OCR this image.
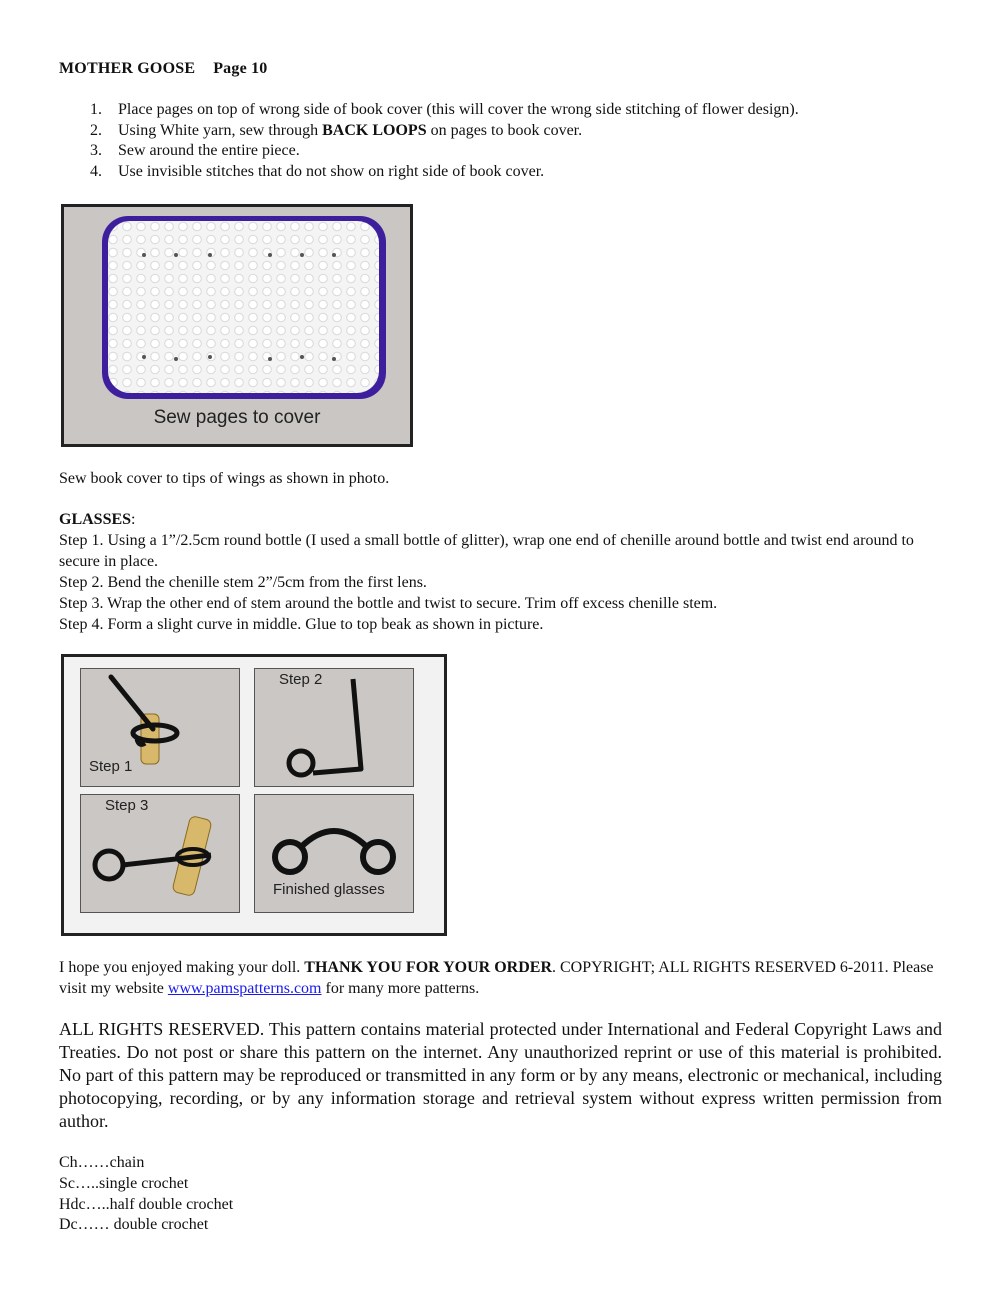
MOTHER GOOSE Page 10
1.	Place pages on top of wrong side of book cover (this will cover the wrong side stitching of flower design).
2.	Using White yarn, sew through BACK LOOPS on pages to book cover.
3.	Sew around the entire piece.
4.	Use invisible stitches that do not show on right side of book cover.
Sew pages to cover

Sew book cover to tips of wings as shown in photo.

GLASSES:

Step 1. Using a 1”/2.5cm round bottle (I used a small bottle of glitter), wrap one end of chenille around bottle and twist end around to secure in place.
Step 2. Bend the chenille stem 2”/5cm from the first lens.
Step 3. Wrap the other end of stem around the bottle and twist to secure. Trim off excess chenille stem.
Step 4. Form a slight curve in middle. Glue to top beak as shown in picture.
Step 1
Step 2
Step 3
Finished glasses

I hope you enjoyed making your doll. THANK YOU FOR YOUR ORDER. COPYRIGHT; ALL RIGHTS RESERVED 6-2011. Please visit my website www.pamspatterns.com for many more patterns.

ALL RIGHTS RESERVED. This pattern contains material protected under International and Federal Copyright Laws and Treaties. Do not post or share this pattern on the internet. Any unauthorized reprint or use of this material is prohibited. No part of this pattern may be reproduced or transmitted in any form or by any means, electronic or mechanical, including photocopying, recording, or by any information storage and retrieval system without express written permission from author.

Ch……chain
Sc…..single crochet
Hdc…..half double crochet
Dc…… double crochet
